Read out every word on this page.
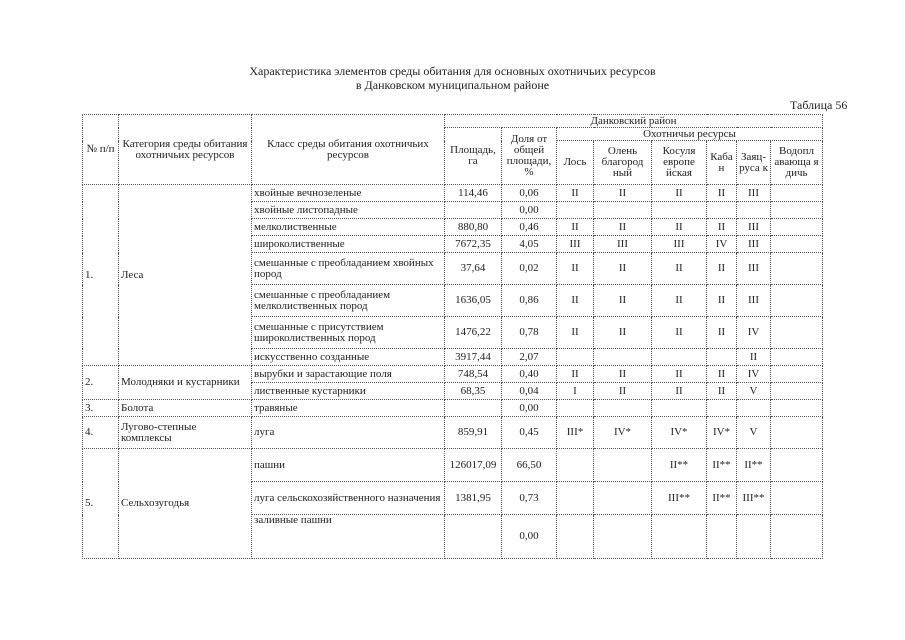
Характеристика элементов среды обитания для основных охотничьих ресурсов
в Данковском муниципальном районе
Таблица 56
№ п/п	Категория среды обитания охотничьих ресурсов	Класс среды обитания охотничьих ресурсов	Данковский район							
			Площадь, га	Доля от общей площади, %	Охотничьи ресурсы					
					Лось	Олень благород ный	Косуля европе йская	Каба н	Заяц-руса к	Водопл авающа я дичь
1.	Леса	хвойные вечнозеленые	114,46	0,06	II	II	II	II	III	
		хвойные листопадные		0,00						
		мелколиственные	880,80	0,46	II	II	II	II	III	
		широколиственные	7672,35	4,05	III	III	III	IV	III	
		смешанные с преобладанием хвойных пород	37,64	0,02	II	II	II	II	III	
		смешанные с преобладанием мелколиственных пород	1636,05	0,86	II	II	II	II	III	
		смешанные с присутствием широколиственных пород	1476,22	0,78	II	II	II	II	IV	
		искусственно созданные	3917,44	2,07					II	
2.	Молодняки и кустарники	вырубки и зарастающие поля	748,54	0,40	II	II	II	II	IV	
		лиственные кустарники	68,35	0,04	I	II	II	II	V	
3.	Болота	травяные		0,00						
4.	Лугово-степные комплексы	луга	859,91	0,45	III*	IV*	IV*	IV*	V	
5.	Сельхозугодья	пашни	126017,09	66,50			II**	II**	II**	
		луга сельскохозяйственного назначения	1381,95	0,73			III**	II**	III**	
		заливные пашни		0,00						
